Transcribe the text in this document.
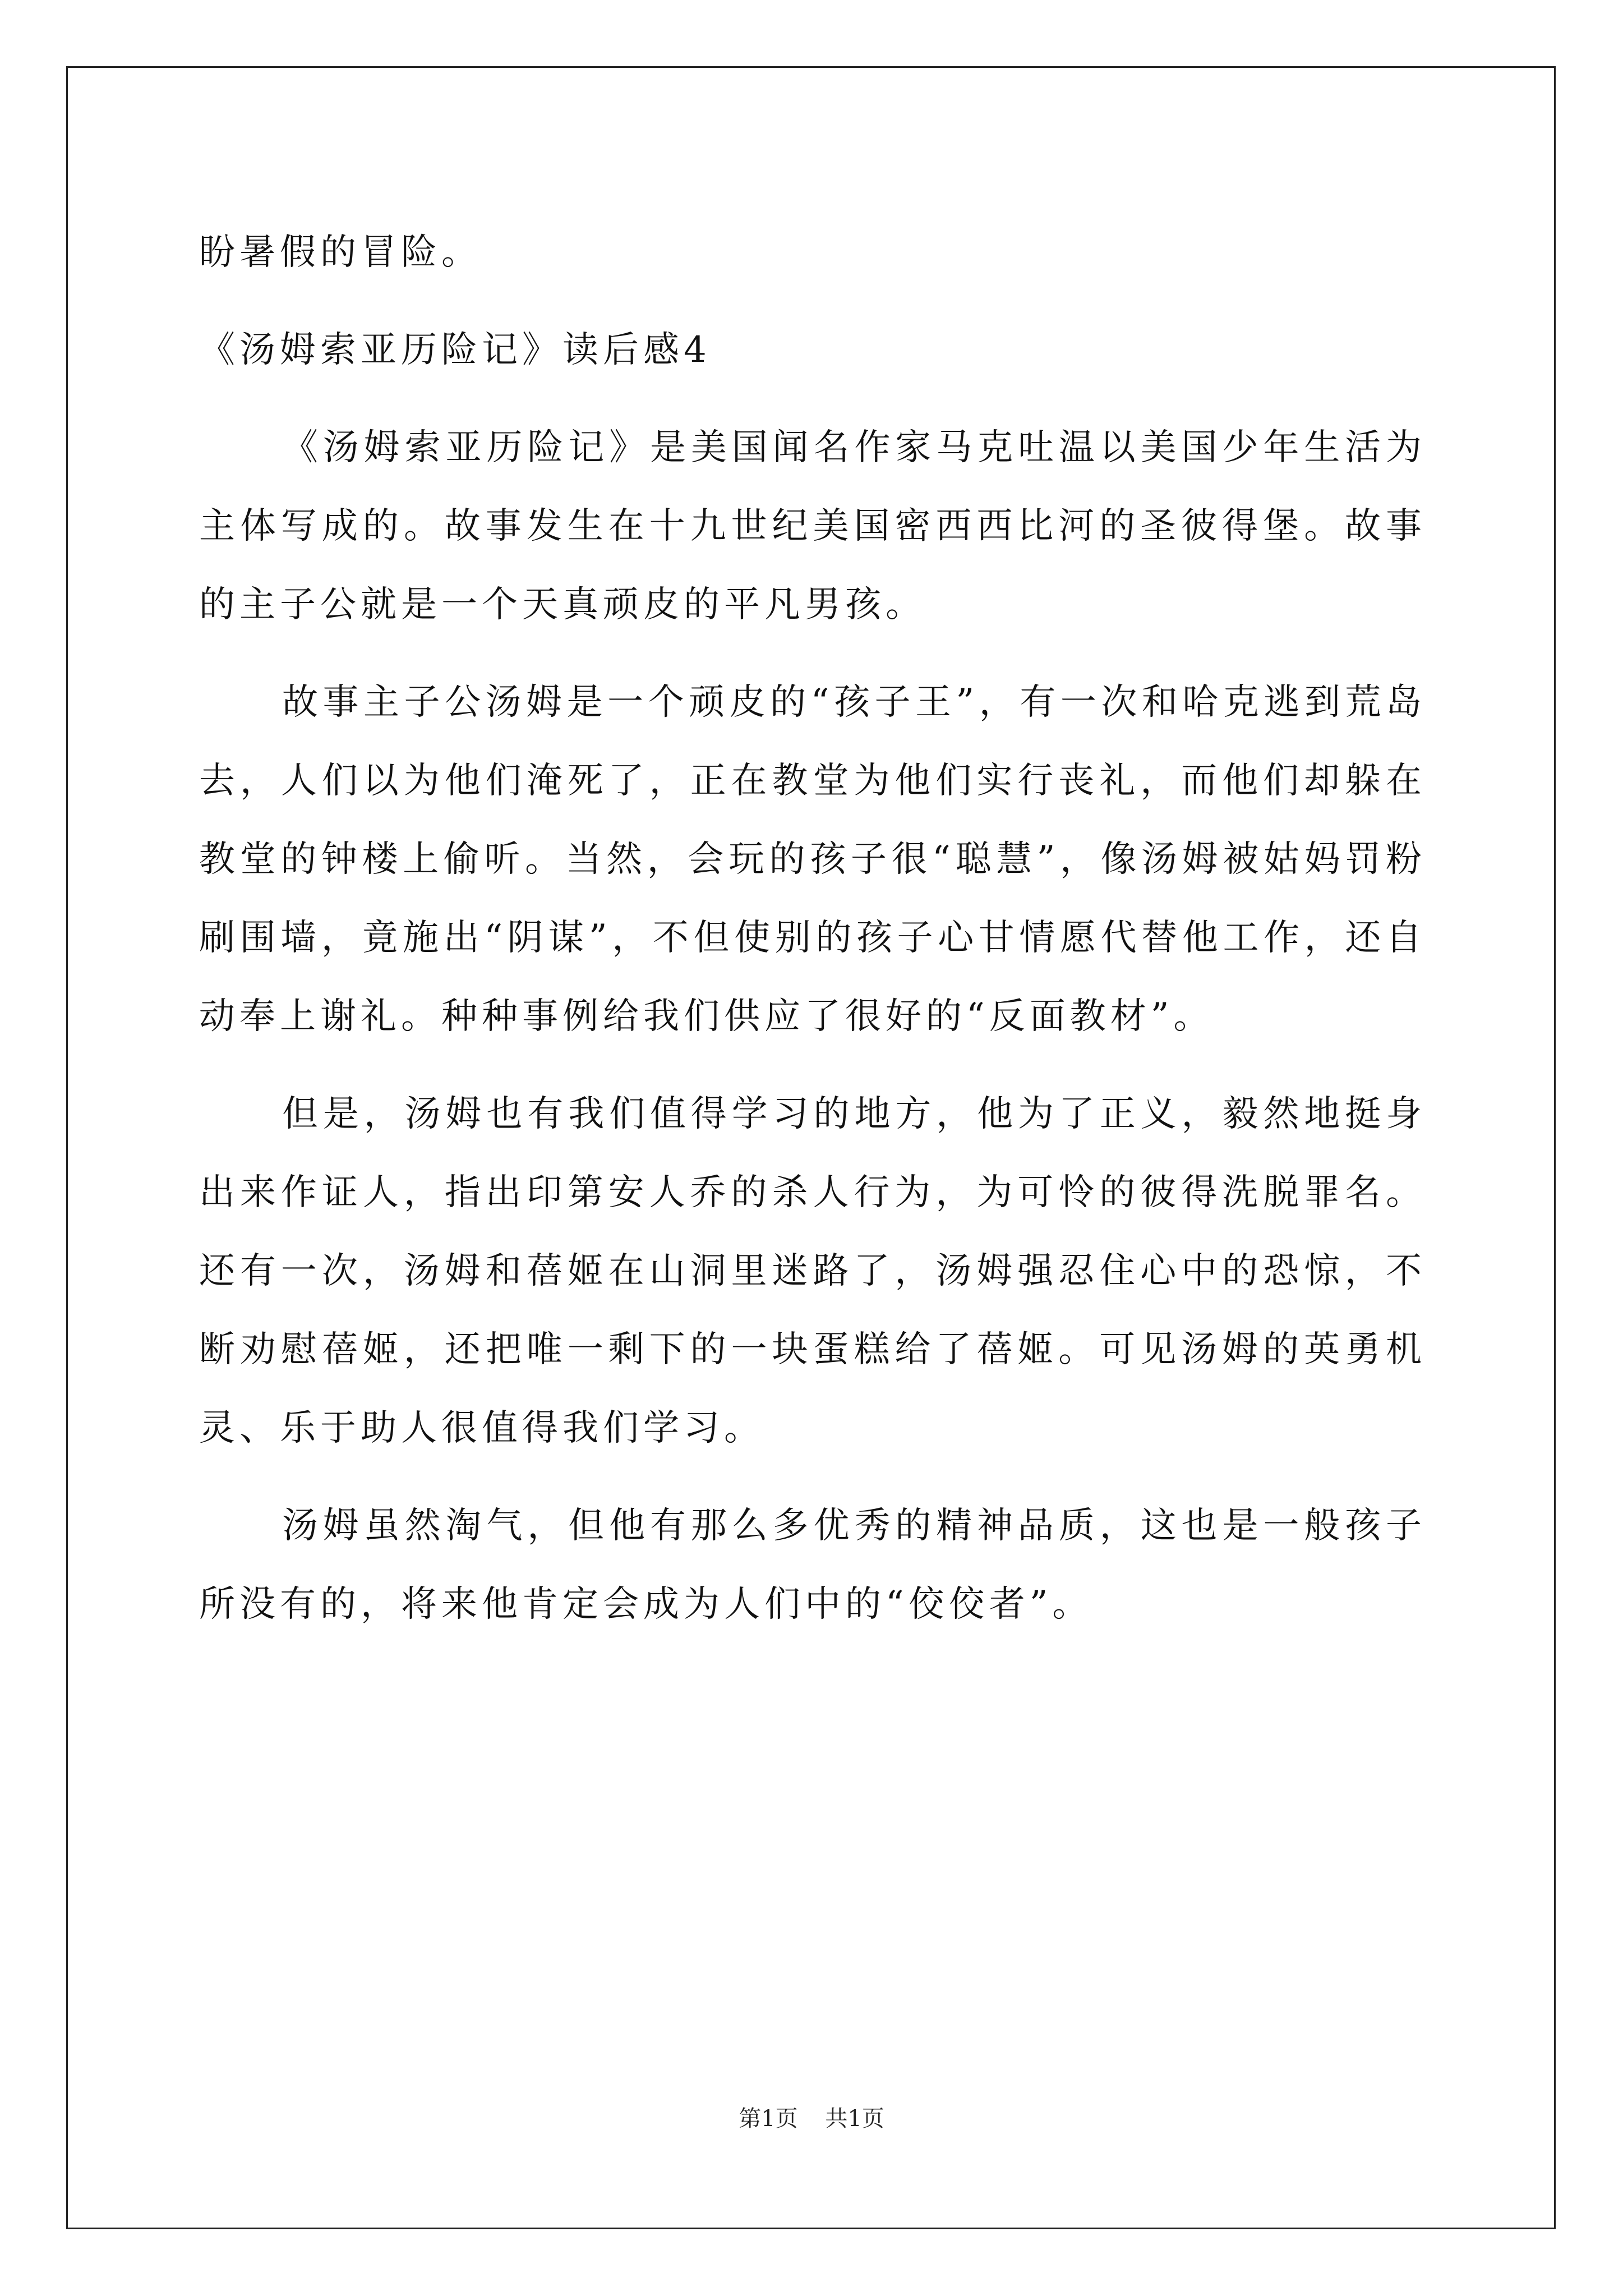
盼暑假的冒险。
《汤姆索亚历险记》读后感4

《汤姆索亚历险记》是美国闻名作家马克吐温以美国少年生活为主体写成的。故事发生在十九世纪美国密西西比河的圣彼得堡。故事的主子公就是一个天真顽皮的平凡男孩。

故事主子公汤姆是一个顽皮的“孩子王”，有一次和哈克逃到荒岛去，人们以为他们淹死了，正在教堂为他们实行丧礼，而他们却躲在教堂的钟楼上偷听。当然，会玩的孩子很“聪慧”，像汤姆被姑妈罚粉刷围墙，竟施出“阴谋”，不但使别的孩子心甘情愿代替他工作，还自动奉上谢礼。种种事例给我们供应了很好的“反面教材”。

但是，汤姆也有我们值得学习的地方，他为了正义，毅然地挺身出来作证人，指出印第安人乔的杀人行为，为可怜的彼得洗脱罪名。还有一次，汤姆和蓓姬在山洞里迷路了，汤姆强忍住心中的恐惊，不断劝慰蓓姬，还把唯一剩下的一块蛋糕给了蓓姬。可见汤姆的英勇机灵、乐于助人很值得我们学习。

汤姆虽然淘气，但他有那么多优秀的精神品质，这也是一般孩子所没有的，将来他肯定会成为人们中的“佼佼者”。

第1页 共1页
